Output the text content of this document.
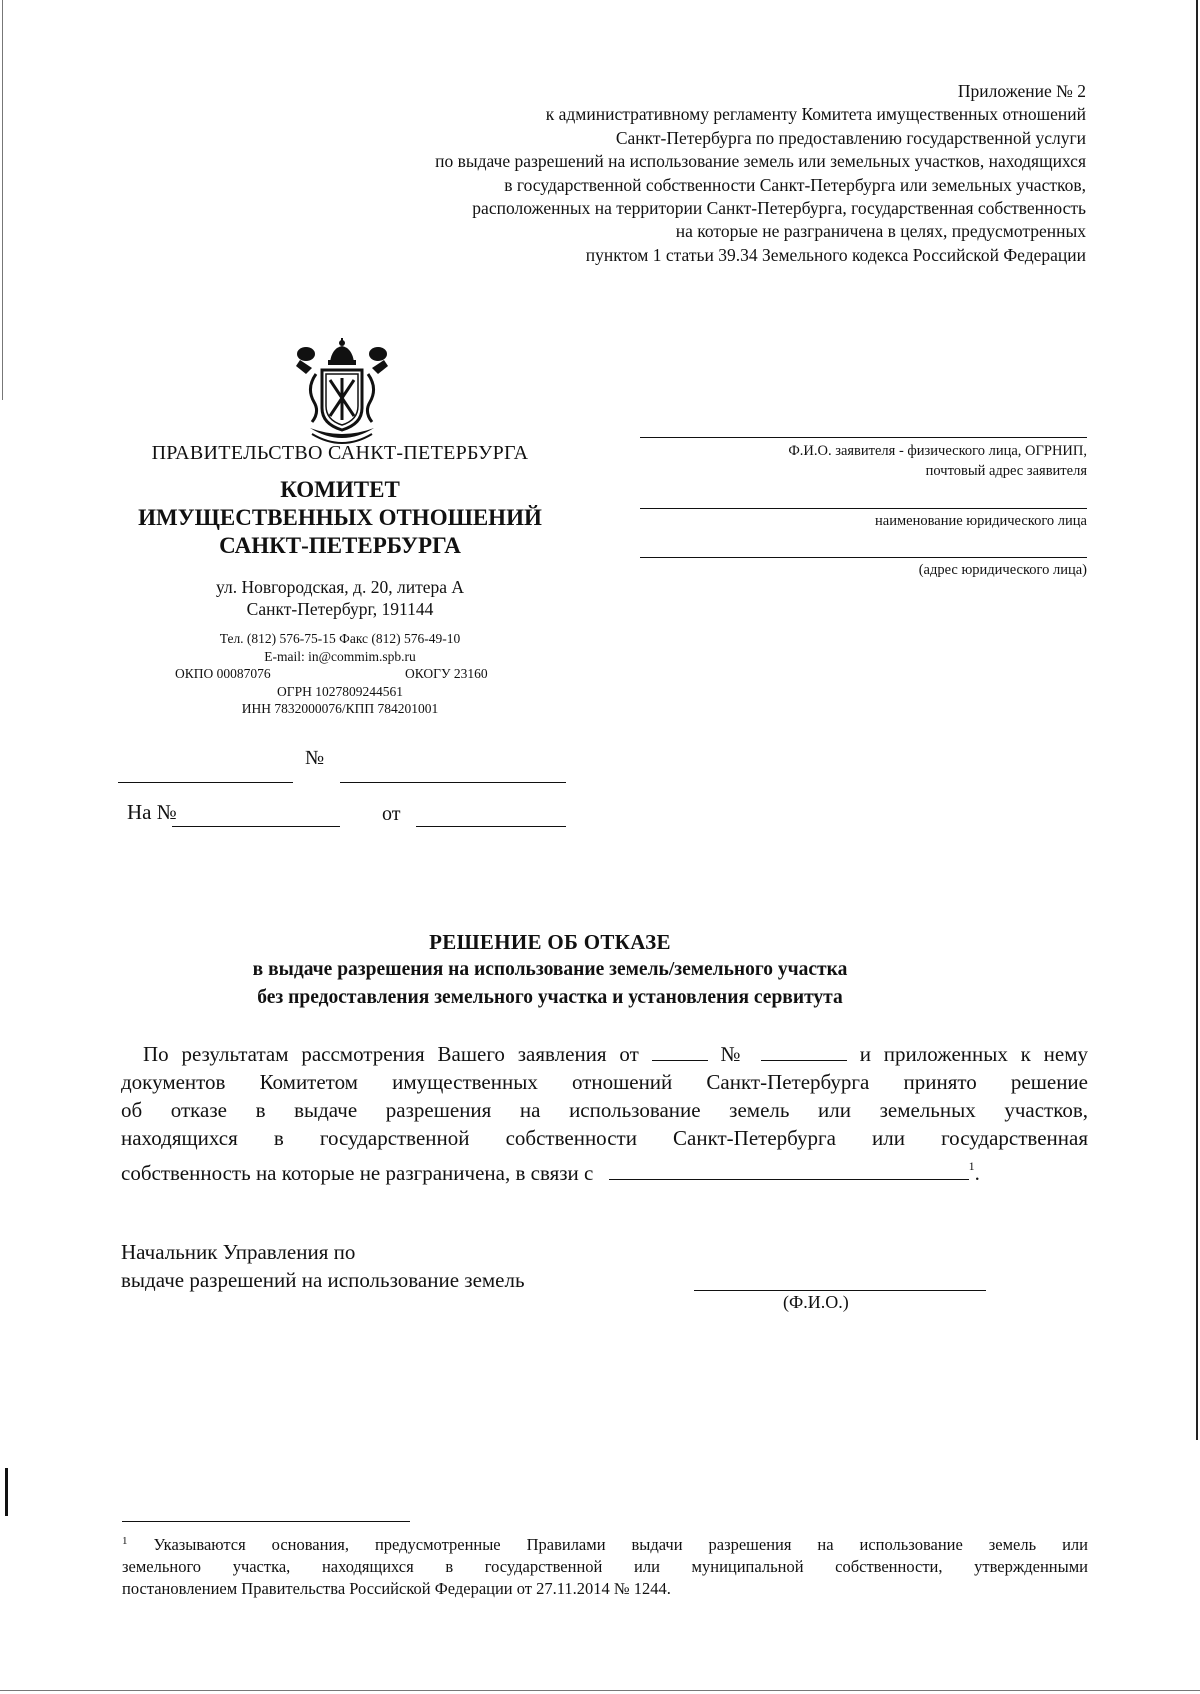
Приложение № 2
к административному регламенту Комитета имущественных отношений
Санкт-Петербурга по предоставлению государственной услуги
по выдаче разрешений на использование земель или земельных участков, находящихся
в государственной собственности Санкт-Петербурга или земельных участков,
расположенных на территории Санкт-Петербурга, государственная собственность
на которые не разграничена в целях, предусмотренных
пунктом 1 статьи 39.34 Земельного кодекса Российской Федерации
ПРАВИТЕЛЬСТВО САНКТ-ПЕТЕРБУРГА
КОМИТЕТ
ИМУЩЕСТВЕННЫХ ОТНОШЕНИЙ
САНКТ-ПЕТЕРБУРГА
ул. Новгородская, д. 20, литера А
Санкт-Петербург, 191144
Тел. (812) 576-75-15 Факс (812) 576-49-10
E-mail: in@commim.spb.ru
ОКПО 00087076	ОКОГУ 23160
ОГРН 1027809244561
ИНН 7832000076/КПП 784201001
№
На №	от
Ф.И.О. заявителя - физического лица, ОГРНИП,
почтовый адрес заявителя
наименование юридического лица
(адрес юридического лица)
РЕШЕНИЕ ОБ ОТКАЗЕ
в выдаче разрешения на использование земель/земельного участка
без предоставления земельного участка и установления сервитута
По результатам рассмотрения Вашего заявления от	№	и приложенных к нему
документов Комитетом имущественных отношений Санкт-Петербурга принято решение
об отказе в выдаче разрешения на использование земель или земельных участков,
находящихся в государственной собственности Санкт-Петербурга или государственная
собственность на которые не разграничена, в связи с	$^1$.
Начальник Управления по
выдаче разрешений на использование земель
(Ф.И.О.)
$^1$ Указываются основания, предусмотренные Правилами выдачи разрешения на использование земель или
земельного участка, находящихся в государственной или муниципальной собственности, утвержденными
постановлением Правительства Российской Федерации от 27.11.2014 № 1244.
